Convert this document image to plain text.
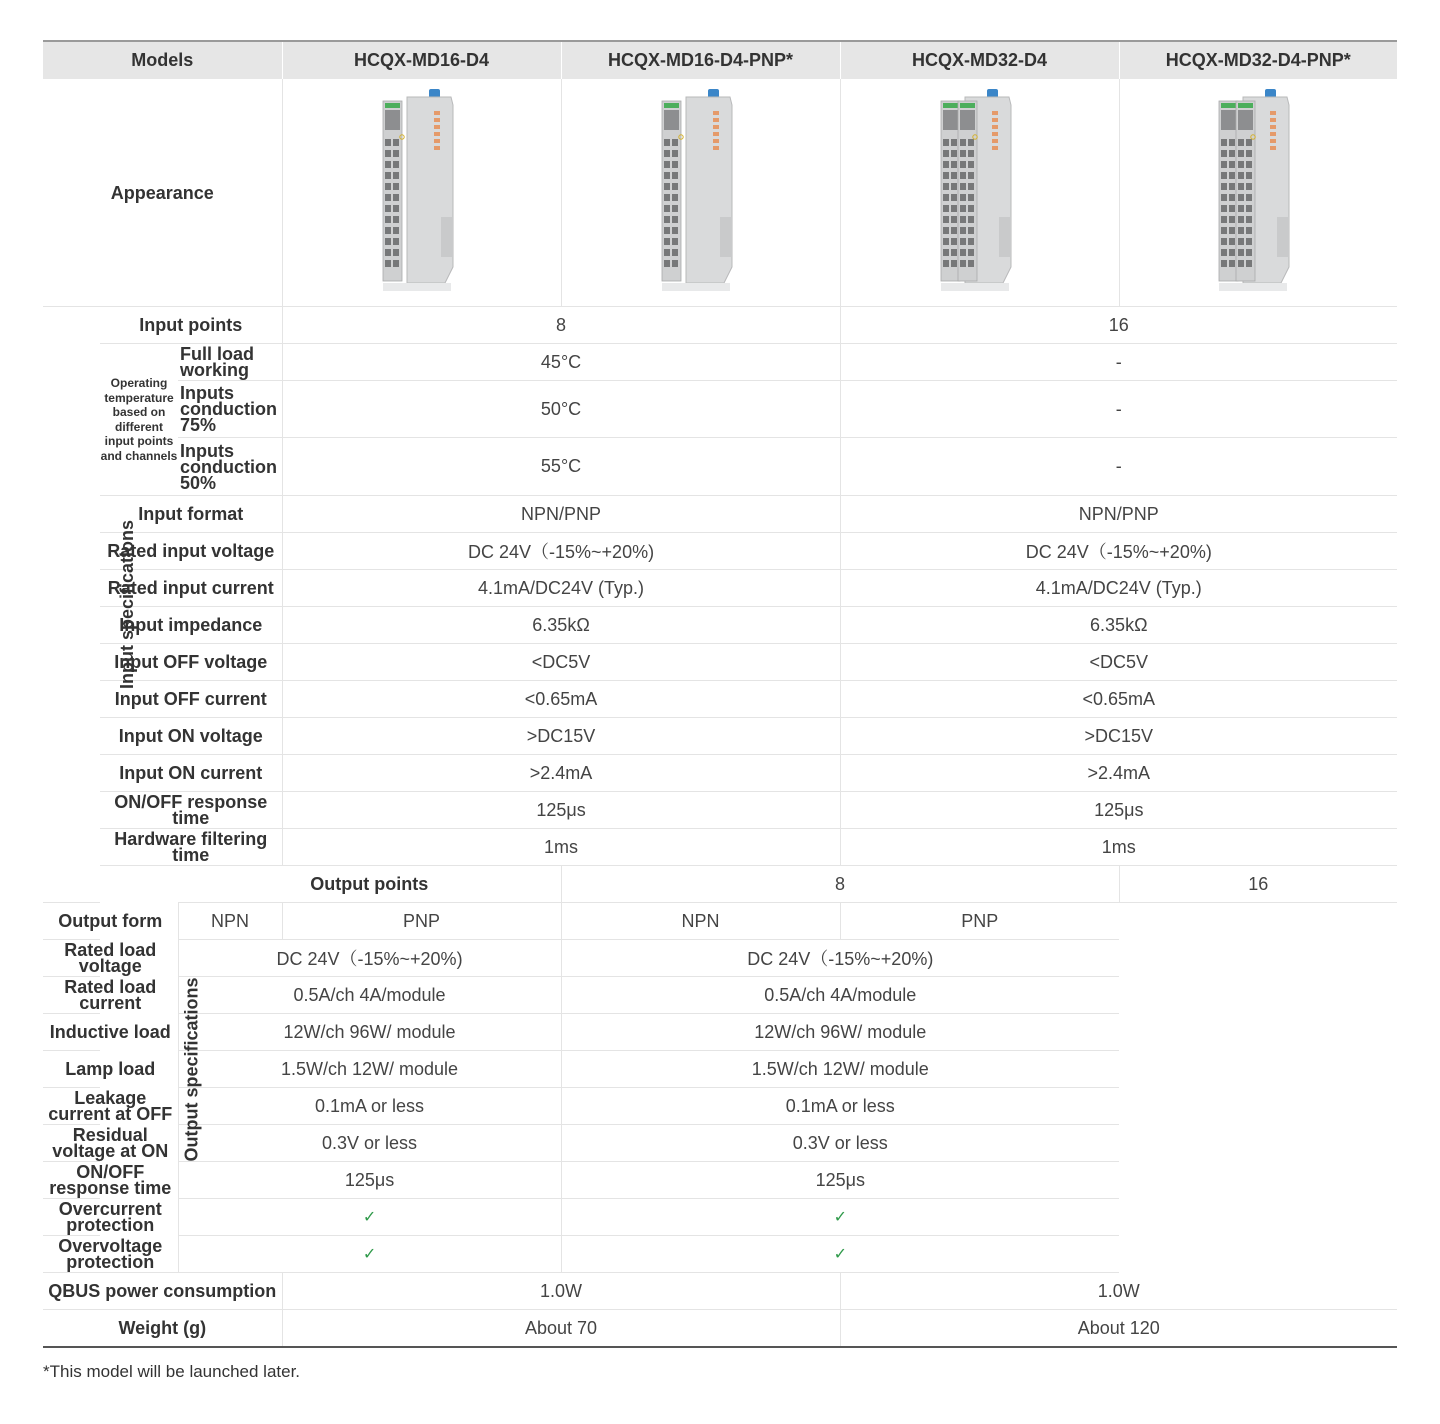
Models			HCQX-MD16-D4	HCQX-MD16-D4-PNP*	HCQX-MD32-D4	HCQX-MD32-D4-PNP*
Appearance	

Input specifications	Input points		8		16	
	Operating temperature based on different input points and channels	Full load working	45°C		-	
		Inputs conduction 75%	50°C		-	
		Inputs conduction 50%	55°C		-	
	Input format		NPN/PNP		NPN/PNP	
	Rated input voltage		DC 24V（-15%~+20%)		DC 24V（-15%~+20%)	
	Rated input current		4.1mA/DC24V (Typ.)		4.1mA/DC24V (Typ.)	
	Input impedance		6.35kΩ		6.35kΩ	
	Input OFF voltage		<DC5V		<DC5V	
	Input OFF current		<0.65mA		<0.65mA	
	Input ON voltage		>DC15V		>DC15V	
	Input ON current		>2.4mA		>2.4mA	
	ON/OFF response time		125μs		125μs	
	Hardware filtering time		1ms		1ms	
	Output specifications	Output points		8		16
Output form		NPN	PNP	NPN	PNP	
Rated load voltage		DC 24V（-15%~+20%)		DC 24V（-15%~+20%)		
Rated load current		0.5A/ch 4A/module		0.5A/ch 4A/module		
Inductive load		12W/ch 96W/ module		12W/ch 96W/ module		
Lamp load		1.5W/ch 12W/ module		1.5W/ch 12W/ module		
Leakage current at OFF		0.1mA or less		0.1mA or less		
Residual voltage at ON		0.3V or less		0.3V or less		
ON/OFF response time		125μs		125μs		
Overcurrent protection		✓		✓		
Overvoltage protection		✓		✓		
QBUS power consumption			1.0W		1.0W	
Weight (g)			About 70		About 120	
*This model will be launched later.
